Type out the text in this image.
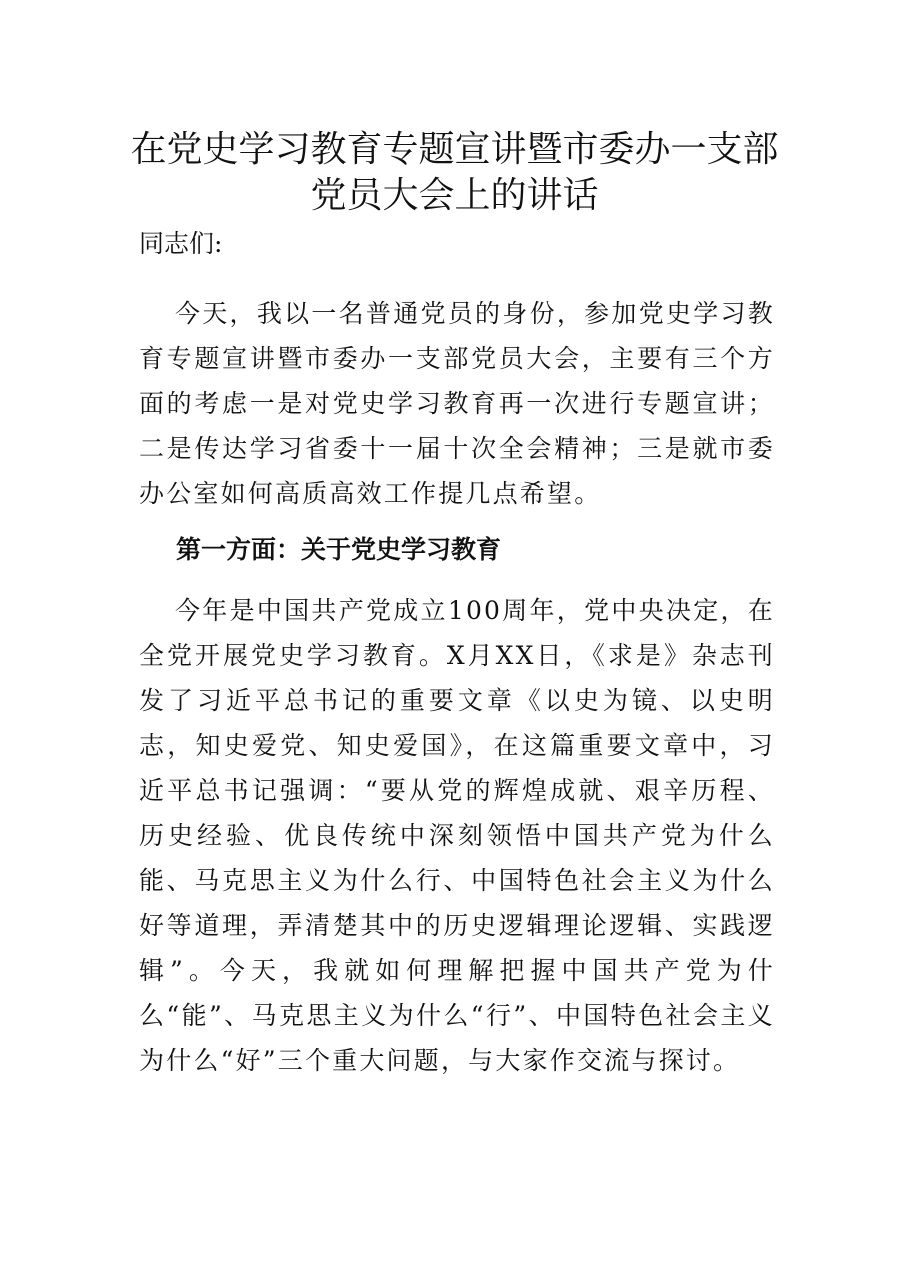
在党史学习教育专题宣讲暨市委办一支部
党员大会上的讲话
同志们:

今天，我以一名普通党员的身份，参加党史学习教育专题宣讲暨市委办一支部党员大会，主要有三个方面的考虑一是对党史学习教育再一次进行专题宣讲；二是传达学习省委十一届十次全会精神；三是就市委办公室如何高质高效工作提几点希望。

第一方面：关于党史学习教育

今年是中国共产党成立100周年，党中央决定，在全党开展党史学习教育。X月XX日，《求是》杂志刊发了习近平总书记的重要文章《以史为镜、以史明志，知史爱党、知史爱国》，在这篇重要文章中，习近平总书记强调：“要从党的辉煌成就、艰辛历程、历史经验、优良传统中深刻领悟中国共产党为什么能、马克思主义为什么行、中国特色社会主义为什么好等道理，弄清楚其中的历史逻辑理论逻辑、实践逻辑”。今天，我就如何理解把握中国共产党为什么“能”、马克思主义为什么“行”、中国特色社会主义为什么“好”三个重大问题，与大家作交流与探讨。
